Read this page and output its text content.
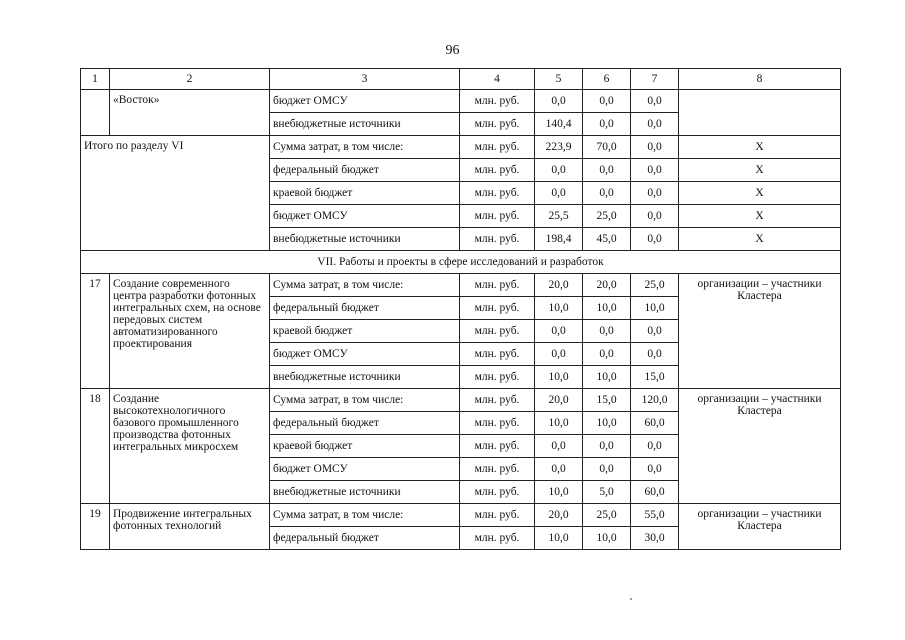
96
1	2	3	4	5	6	7	8
	«Восток»	бюджет ОМСУ	млн. руб.	0,0	0,0	0,0	
		внебюджетные источники	млн. руб.	140,4	0,0	0,0	
Итого по разделу VI		Сумма затрат, в том числе:	млн. руб.	223,9	70,0	0,0	X
		федеральный бюджет	млн. руб.	0,0	0,0	0,0	X
		краевой бюджет	млн. руб.	0,0	0,0	0,0	X
		бюджет ОМСУ	млн. руб.	25,5	25,0	0,0	X
		внебюджетные источники	млн. руб.	198,4	45,0	0,0	X
VII. Работы и проекты в сфере исследований и разработок							
17	Создание современного центра разработки фотонных интегральных схем, на основе передовых систем автоматизированного проектирования	Сумма затрат, в том числе:	млн. руб.	20,0	20,0	25,0	организации – участники Кластера
		федеральный бюджет	млн. руб.	10,0	10,0	10,0	
		краевой бюджет	млн. руб.	0,0	0,0	0,0	
		бюджет ОМСУ	млн. руб.	0,0	0,0	0,0	
		внебюджетные источники	млн. руб.	10,0	10,0	15,0	
18	Создание высокотехнологичного базового промышленного производства фотонных интегральных микросхем	Сумма затрат, в том числе:	млн. руб.	20,0	15,0	120,0	организации – участники Кластера
		федеральный бюджет	млн. руб.	10,0	10,0	60,0	
		краевой бюджет	млн. руб.	0,0	0,0	0,0	
		бюджет ОМСУ	млн. руб.	0,0	0,0	0,0	
		внебюджетные источники	млн. руб.	10,0	5,0	60,0	
19	Продвижение интегральных фотонных технологий	Сумма затрат, в том числе:	млн. руб.	20,0	25,0	55,0	организации – участники Кластера
		федеральный бюджет	млн. руб.	10,0	10,0	30,0	
